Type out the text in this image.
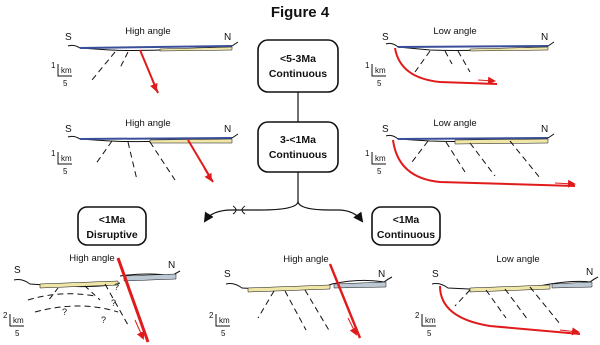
Figure 4
High angle
S	N
1
km
5
Low angle
S	N
1
km
5
High angle
S	N
1
km
5
Low angle
S	N
1
km
5
<5-3Ma
Continuous
3-<1Ma
Continuous
<1Ma
Disruptive
<1Ma
Continuous
High angle
S	N
?
?
?
?
2
km
5
High angle
S	N
2
km
5
Low angle
S	N
2
km
5
